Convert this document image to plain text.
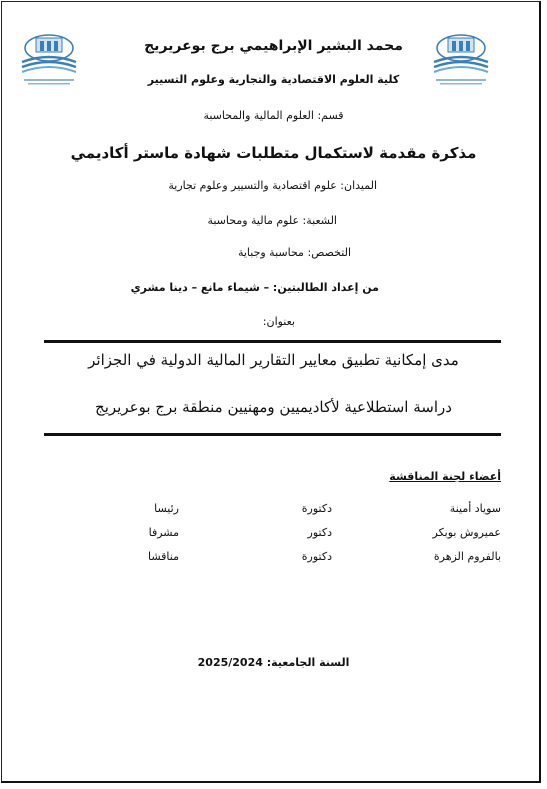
محمد البشير الإبراهيمي برج بوعريريج
كلية العلوم الاقتصادية والتجارية وعلوم التسيير
قسم: العلوم المالية والمحاسبة
مذكرة مقدمة لاستكمال متطلبات شهادة ماستر أكاديمي
الميدان: علوم اقتصادية والتسيير وعلوم تجارية
الشعبة: علوم مالية ومحاسبة
التخصص: محاسبة وجباية
من إعداد الطالبتين: – شيماء مانع – دينا مشري
بعنوان:
مدى إمكانية تطبيق معايير التقارير المالية الدولية في الجزائر
دراسة استطلاعية لأكاديميين ومهنيين منطقة برج بوعريريج
أعضاء لجنة المناقشة
سوياد أمينة
دكتورة
رئيسا
عميروش بوبكر
دكتور
مشرفا
بالفروم الزهرة
دكتورة
مناقشا
السنة الجامعية: 2025/2024
